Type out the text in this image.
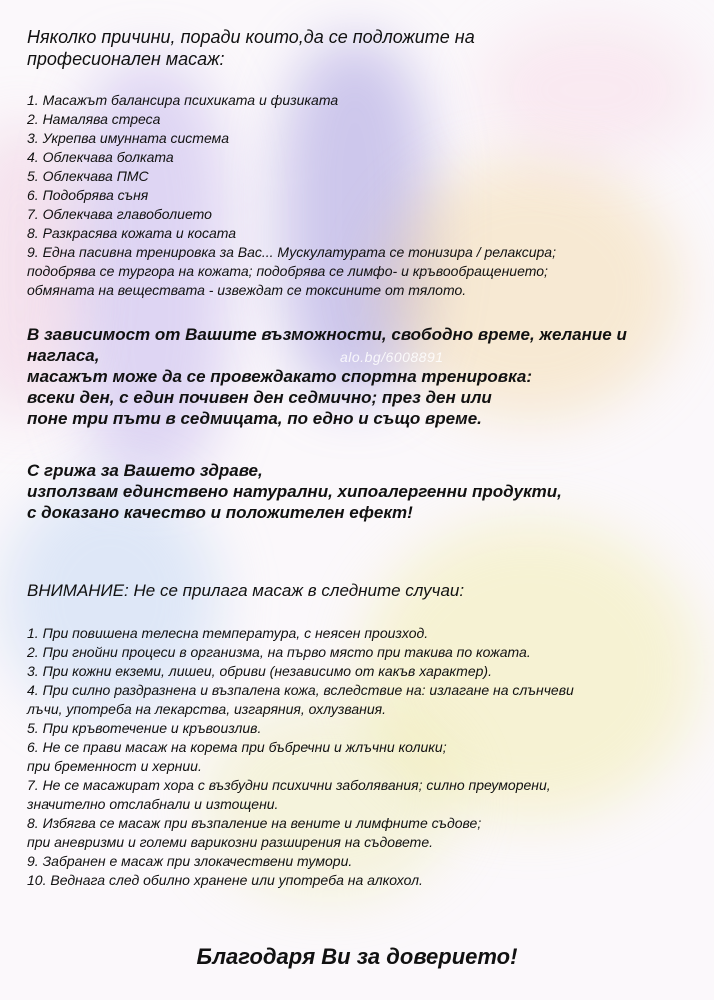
alo.bg/6008891
Няколко причини, поради които,да се подложите на
професионален масаж:
1. Масажът балансира психиката и физиката
2. Намалява стреса
3. Укрепва имунната система
4. Облекчава болката
5. Облекчава ПМС
6. Подобрява съня
7. Облекчава главоболието
8. Разкрасява кожата и косата
9. Една пасивна тренировка за Вас... Мускулатурата се тонизира / релаксира;
подобрява се тургора на кожата; подобрява се лимфо- и кръвообращението;
обмяната на веществата - извеждат се токсините от тялото.
В зависимост от Вашите възможности, свободно време, желание и
нагласа,
масажът може да се провеждакато спортна тренировка:
всеки ден, с един почивен ден седмично; през ден или
поне три пъти в седмицата, по едно и също време.
С грижа за Вашето здраве,
използвам единствено натурални, хипоалергенни продукти,
с доказано качество и положителен ефект!
ВНИМАНИЕ: Не се прилага масаж в следните случаи:
1. При повишена телесна температура, с неясен произход.
2. При гнойни процеси в организма, на първо място при такива по кожата.
3. При кожни екземи, лишеи, обриви (независимо от какъв характер).
4. При силно раздразнена и възпалена кожа, вследствие на: излагане на слънчеви
лъчи, употреба на лекарства, изгаряния, охлузвания.
5. При кръвотечение и кръвоизлив.
6. Не се прави масаж на корема при бъбречни и жлъчни колики;
при бременност и хернии.
7. Не се масажират хора с възбудни психични заболявания; силно преуморени,
значително отслабнали и изтощени.
8. Избягва се масаж при възпаление на вените и лимфните съдове;
при аневризми и големи варикозни разширения на съдовете.
9. Забранен е масаж при злокачествени тумори.
10. Веднага след обилно хранене или употреба на алкохол.
Благодаря Ви за доверието!
